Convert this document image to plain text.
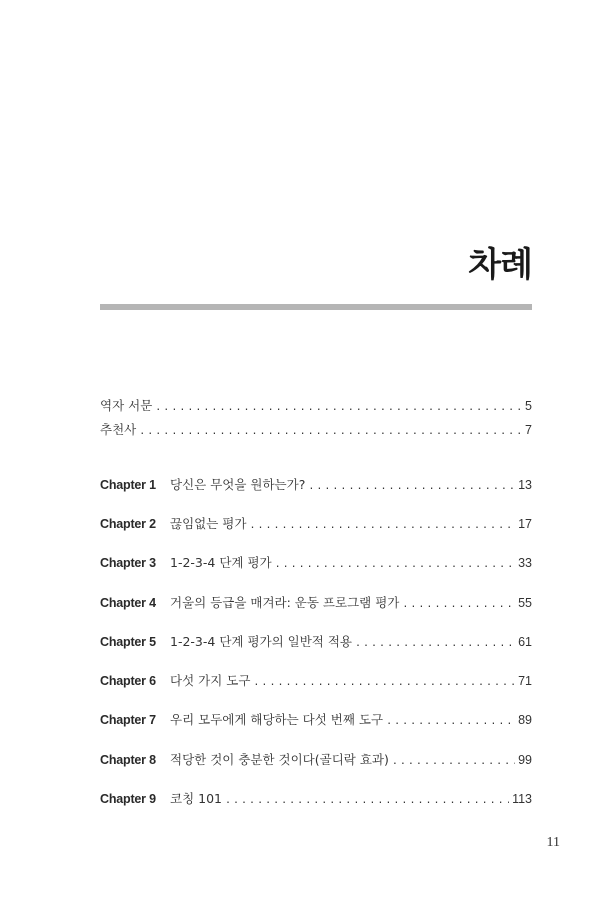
차례
역자 서문 .....	5
추천사 .....	7
Chapter 1	당신은 무엇을 원하는가? .....	13
Chapter 2	끊임없는 평가 .....	17
Chapter 3	1-2-3-4 단계 평가 .....	33
Chapter 4	거울의 등급을 매겨라: 운동 프로그램 평가 .....	55
Chapter 5	1-2-3-4 단계 평가의 일반적 적용 .....	61
Chapter 6	다섯 가지 도구 .....	71
Chapter 7	우리 모두에게 해당하는 다섯 번째 도구 .....	89
Chapter 8	적당한 것이 충분한 것이다(골디락 효과) .....	99
Chapter 9	코칭 101 .....	113
11
